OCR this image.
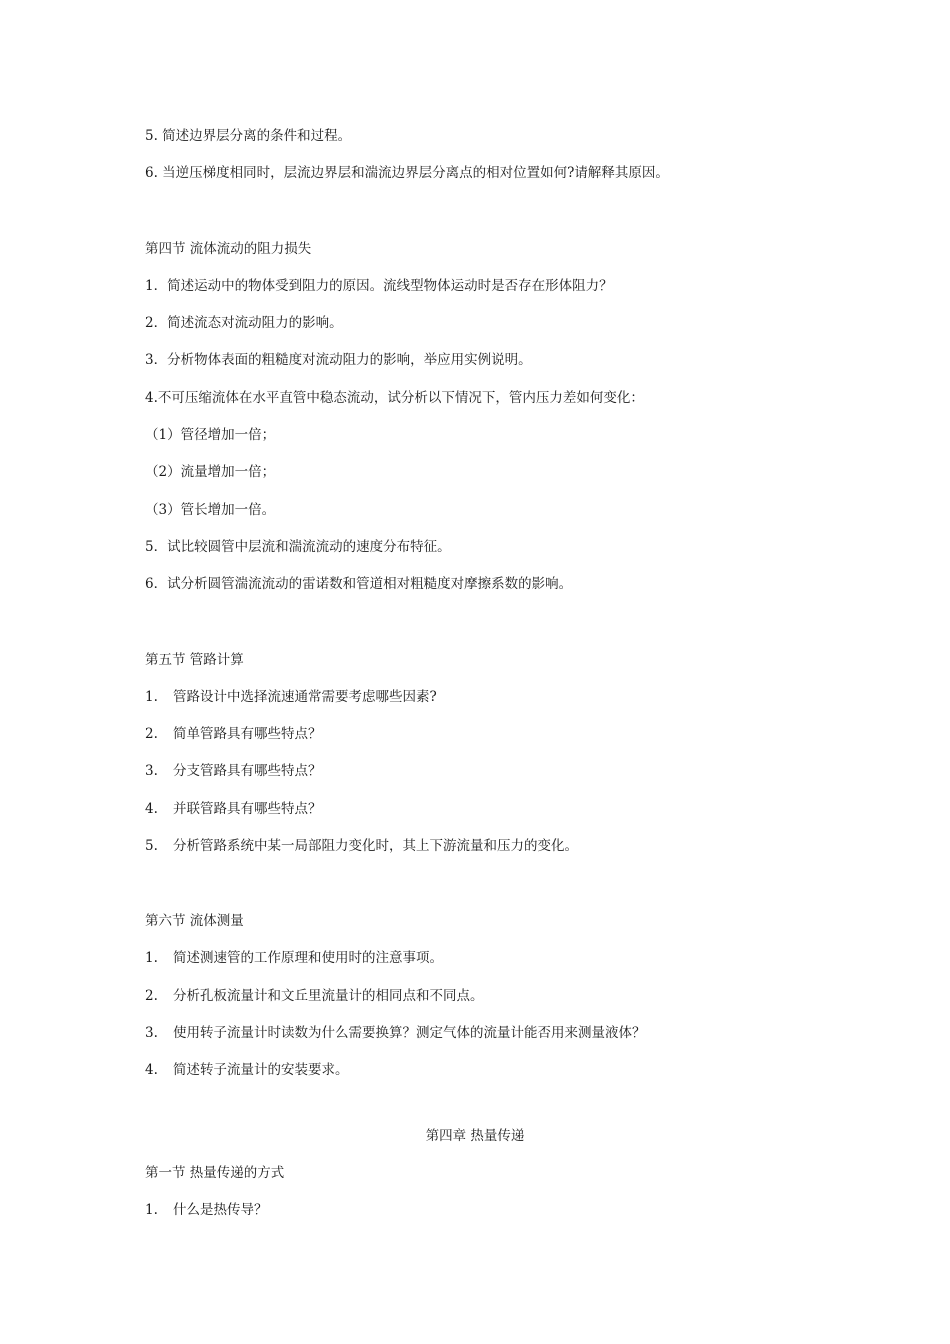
5. 简述边界层分离的条件和过程。
6. 当逆压梯度相同时，层流边界层和湍流边界层分离点的相对位置如何?请解释其原因。
第四节 流体流动的阻力损失
1．简述运动中的物体受到阻力的原因。流线型物体运动时是否存在形体阻力？
2．简述流态对流动阻力的影响。
3．分析物体表面的粗糙度对流动阻力的影响，举应用实例说明。
4.不可压缩流体在水平直管中稳态流动，试分析以下情况下，管内压力差如何变化：
（1）管径增加一倍；
（2）流量增加一倍；
（3）管长增加一倍。
5．试比较圆管中层流和湍流流动的速度分布特征。
6．试分析圆管湍流流动的雷诺数和管道相对粗糙度对摩擦系数的影响。
第五节 管路计算
1. 管路设计中选择流速通常需要考虑哪些因素?
2. 简单管路具有哪些特点？
3. 分支管路具有哪些特点？
4. 并联管路具有哪些特点？
5. 分析管路系统中某一局部阻力变化时，其上下游流量和压力的变化。
第六节 流体测量
1. 简述测速管的工作原理和使用时的注意事项。
2. 分析孔板流量计和文丘里流量计的相同点和不同点。
3. 使用转子流量计时读数为什么需要换算？测定气体的流量计能否用来测量液体？
4. 简述转子流量计的安装要求。
第四章 热量传递
第一节 热量传递的方式
1. 什么是热传导？
